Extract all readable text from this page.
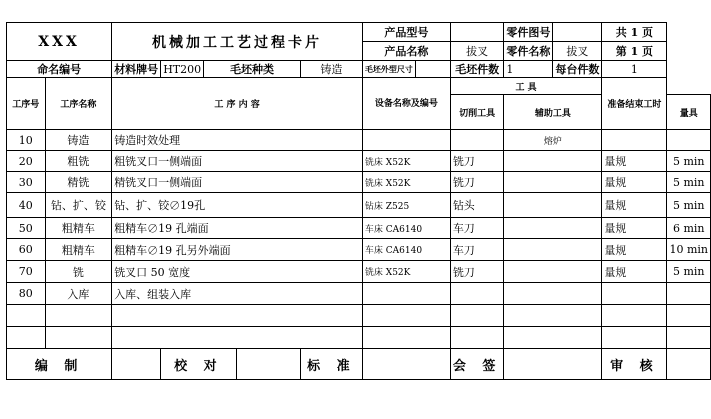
XXX		机械加工工艺过程卡片					产品型号			零件图号		共 1 页	
							产品名称		拔叉	零件名称	拔叉	第 1 页	
命名编号		材料牌号	HT200	毛坯种类		铸造	毛坯外型尺寸		毛坯件数	1	每台件数	1	
工序号	工序名称	工 序 内 容					设备名称及编号		工 具			准备结束工时	
									切削工具	辅助工具			量具
10	铸造	铸造时效处理								熔炉			
20	粗铣	粗铣叉口一侧端面					铣床 X52K		铣刀			量规	5 min
30	精铣	精铣叉口一侧端面					铣床 X52K		铣刀			量规	5 min
40	钻、扩、铰	钻、扩、铰∅19孔					钻床 Z525		钻头			量规	5 min
50	粗精车	粗精车∅19 孔端面					车床 CA6140		车刀			量规	6 min
60	粗精车	粗精车∅19 孔另外端面					车床 CA6140		车刀			量规	10 min
70	铣	铣叉口 50 宽度					铣床 X52K		铣刀			量规	5 min
80	入库	入库、组装入库											

编 制			校 对			标 准			会 签			审 核	
